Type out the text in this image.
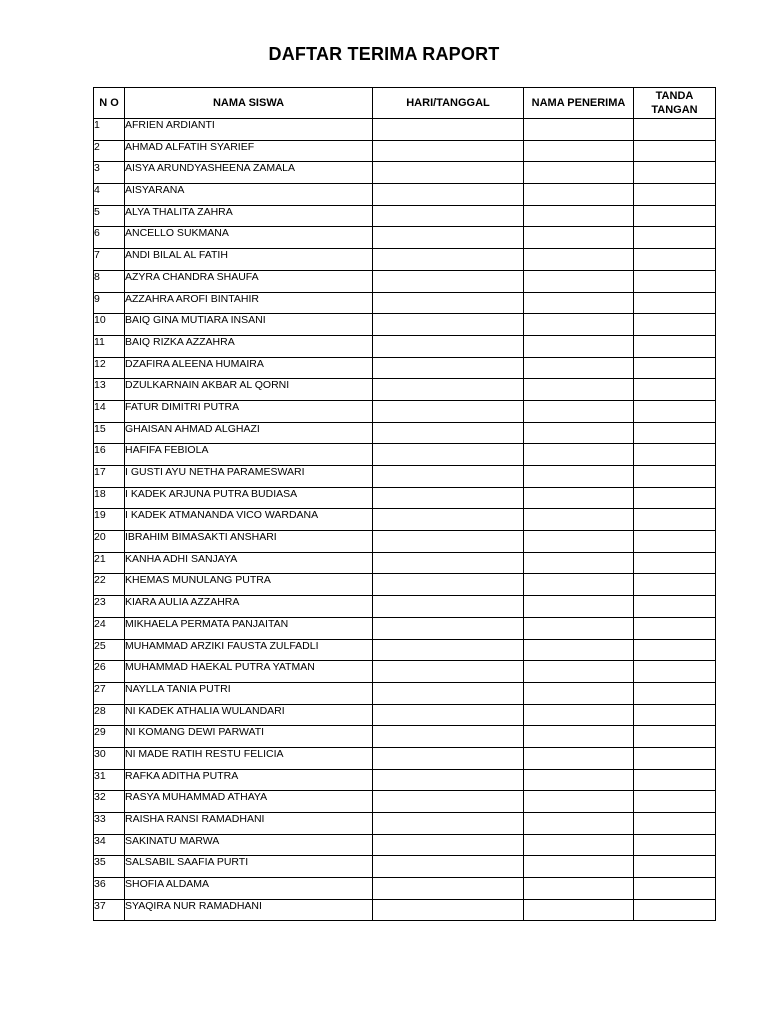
DAFTAR TERIMA RAPORT
N O	NAMA SISWA	HARI/TANGGAL	NAMA PENERIMA	TANDA TANGAN
1	AFRIEN ARDIANTI			
2	AHMAD ALFATIH SYARIEF			
3	AISYA ARUNDYASHEENA ZAMALA			
4	AISYARANA			
5	ALYA THALITA ZAHRA			
6	ANCELLO SUKMANA			
7	ANDI BILAL AL FATIH			
8	AZYRA CHANDRA SHAUFA			
9	AZZAHRA AROFI BINTAHIR			
10	BAIQ GINA MUTIARA INSANI			
11	BAIQ RIZKA AZZAHRA			
12	DZAFIRA ALEENA HUMAIRA			
13	DZULKARNAIN AKBAR AL QORNI			
14	FATUR DIMITRI PUTRA			
15	GHAISAN AHMAD ALGHAZI			
16	HAFIFA FEBIOLA			
17	I GUSTI AYU NETHA PARAMESWARI			
18	I KADEK ARJUNA PUTRA BUDIASA			
19	I KADEK ATMANANDA VICO WARDANA			
20	IBRAHIM BIMASAKTI ANSHARI			
21	KANHA ADHI SANJAYA			
22	KHEMAS MUNULANG PUTRA			
23	KIARA AULIA AZZAHRA			
24	MIKHAELA PERMATA PANJAITAN			
25	MUHAMMAD ARZIKI FAUSTA ZULFADLI			
26	MUHAMMAD HAEKAL PUTRA YATMAN			
27	NAYLLA TANIA PUTRI			
28	NI KADEK ATHALIA WULANDARI			
29	NI KOMANG DEWI PARWATI			
30	NI MADE RATIH RESTU FELICIA			
31	RAFKA ADITHA PUTRA			
32	RASYA MUHAMMAD ATHAYA			
33	RAISHA RANSI RAMADHANI			
34	SAKINATU MARWA			
35	SALSABIL SAAFIA PURTI			
36	SHOFIA ALDAMA			
37	SYAQIRA NUR RAMADHANI			
